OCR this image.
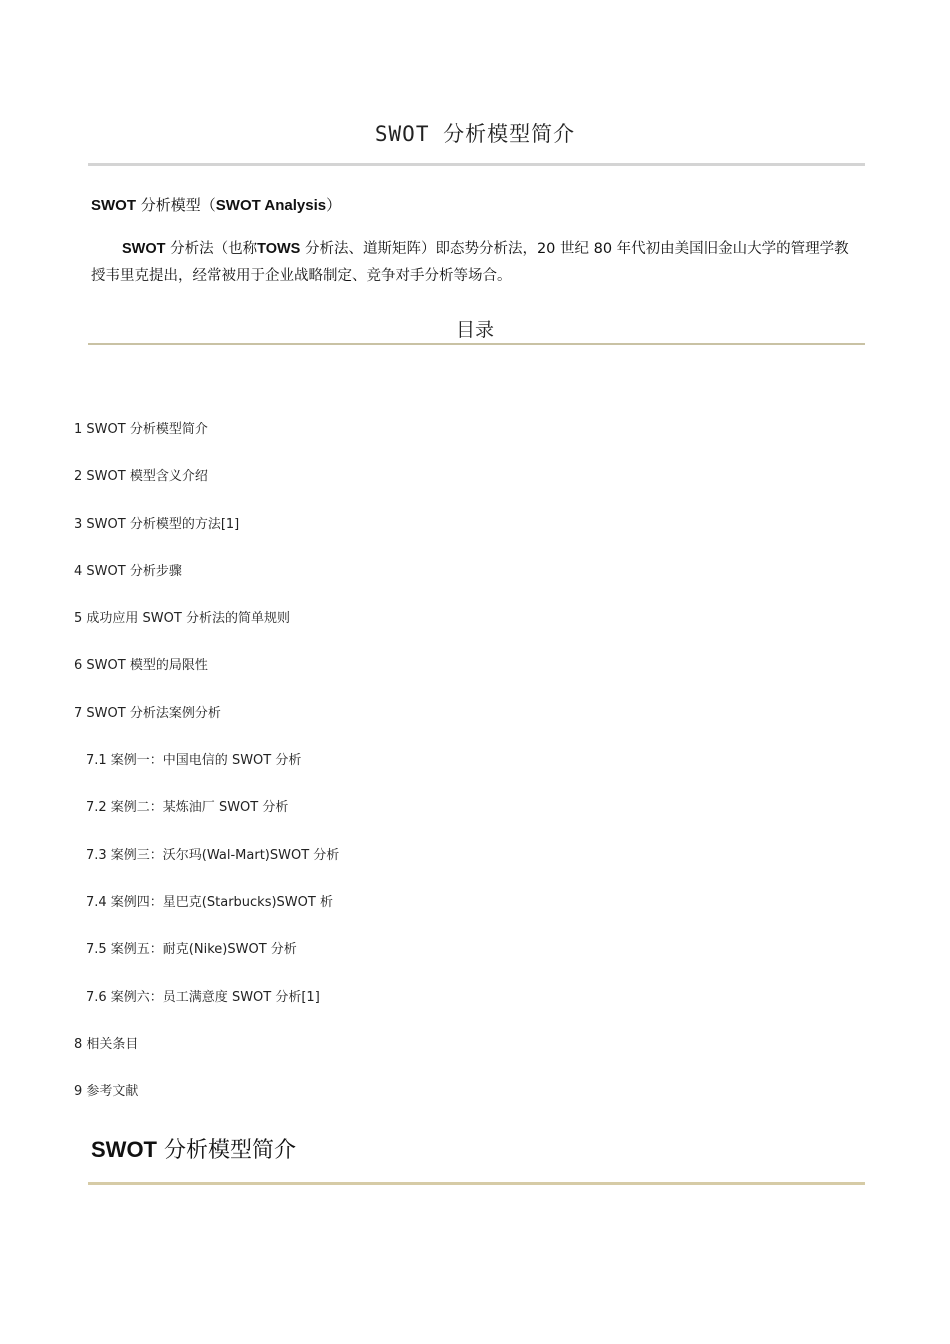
SWOT 分析模型简介
SWOT 分析模型（SWOT Analysis）
SWOT 分析法（也称TOWS 分析法、道斯矩阵）即态势分析法，20 世纪 80 年代初由美国旧金山大学的管理学教授韦里克提出，经常被用于企业战略制定、竞争对手分析等场合。
目录
1 SWOT 分析模型简介
2 SWOT 模型含义介绍
3 SWOT 分析模型的方法[1]
4 SWOT 分析步骤
5 成功应用 SWOT 分析法的简单规则
6 SWOT 模型的局限性
7 SWOT 分析法案例分析
7.1 案例一：中国电信的 SWOT 分析
7.2 案例二：某炼油厂 SWOT 分析
7.3 案例三：沃尔玛(Wal-Mart)SWOT 分析
7.4 案例四：星巴克(Starbucks)SWOT 析
7.5 案例五：耐克(Nike)SWOT 分析
7.6 案例六：员工满意度 SWOT 分析[1]
8 相关条目
9 参考文献
SWOT 分析模型简介
